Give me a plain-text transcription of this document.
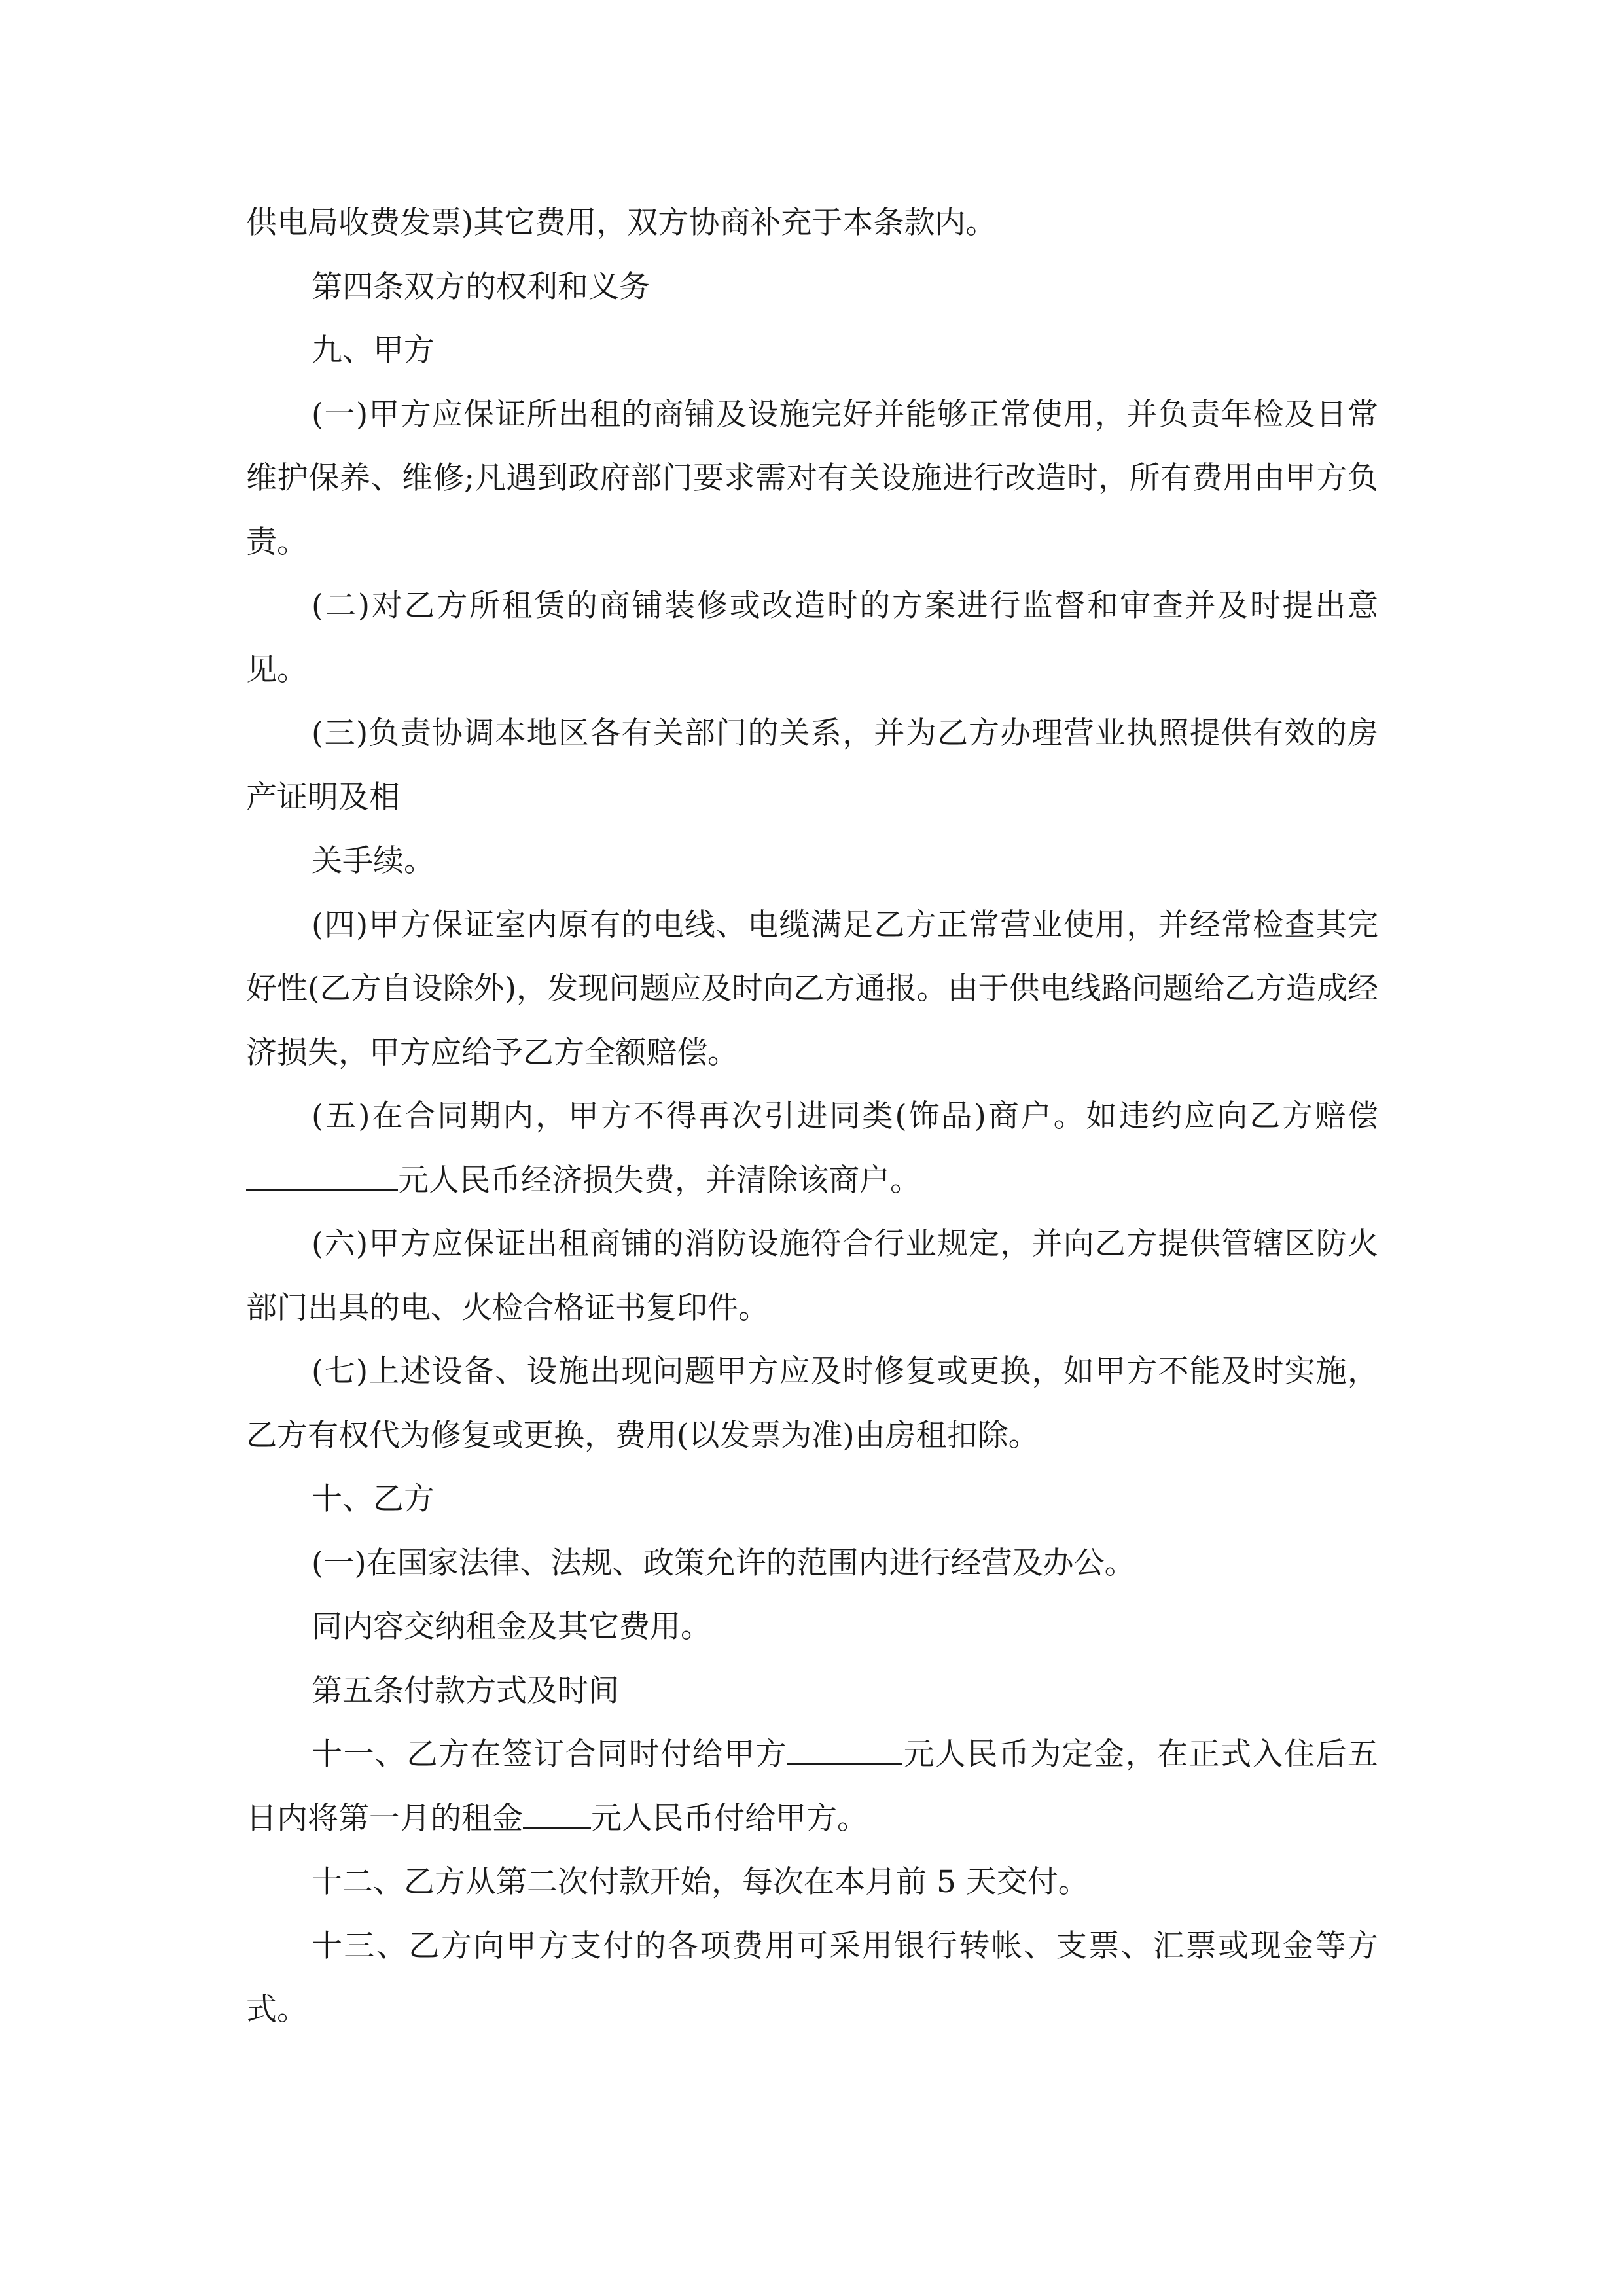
供电局收费发票)其它费用，双方协商补充于本条款内。

第四条双方的权利和义务

九、甲方

(一)甲方应保证所出租的商铺及设施完好并能够正常使用，并负责年检及日常维护保养、维修;凡遇到政府部门要求需对有关设施进行改造时，所有费用由甲方负责。

(二)对乙方所租赁的商铺装修或改造时的方案进行监督和审查并及时提出意见。

(三)负责协调本地区各有关部门的关系，并为乙方办理营业执照提供有效的房产证明及相

关手续。

(四)甲方保证室内原有的电线、电缆满足乙方正常营业使用，并经常检查其完好性(乙方自设除外)，发现问题应及时向乙方通报。由于供电线路问题给乙方造成经济损失，甲方应给予乙方全额赔偿。

(五)在合同期内，甲方不得再次引进同类(饰品)商户。如违约应向乙方赔偿元人民币经济损失费，并清除该商户。

(六)甲方应保证出租商铺的消防设施符合行业规定，并向乙方提供管辖区防火部门出具的电、火检合格证书复印件。

(七)上述设备、设施出现问题甲方应及时修复或更换，如甲方不能及时实施，乙方有权代为修复或更换，费用(以发票为准)由房租扣除。

十、乙方

(一)在国家法律、法规、政策允许的范围内进行经营及办公。

同内容交纳租金及其它费用。

第五条付款方式及时间

十一、乙方在签订合同时付给甲方	元人民币为定金，在正式入住后五日内将第一月的租金 元人民币付给甲方。

十二、乙方从第二次付款开始，每次在本月前 5 天交付。

十三、乙方向甲方支付的各项费用可采用银行转帐、支票、汇票或现金等方式。
